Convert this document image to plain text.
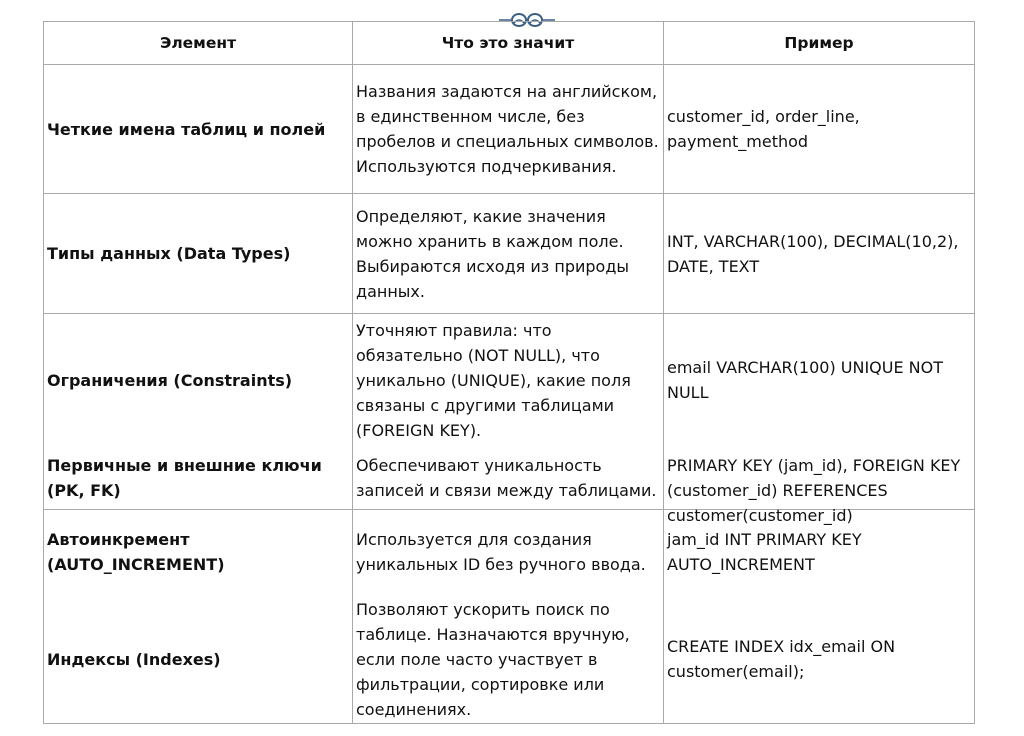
Элемент	Что это значит	Пример
Четкие имена таблиц и полей	Названия задаются на английском, в единственном числе, без пробелов и специальных символов. Используются подчеркивания.	customer_id, order_line, payment_method
Типы данных (Data Types)	Определяют, какие значения можно хранить в каждом поле. Выбираются исходя из природы данных.	INT, VARCHAR(100), DECIMAL(10,2), DATE, TEXT
Ограничения (Constraints)	Уточняют правила: что обязательно (NOT NULL), что уникально (UNIQUE), какие поля связаны с другими таблицами (FOREIGN KEY).	email VARCHAR(100) UNIQUE NOT NULL
Первичные и внешние ключи (PK, FK)	Обеспечивают уникальность записей и связи между таблицами.	PRIMARY KEY (jam_id), FOREIGN KEY (customer_id) REFERENCES customer(customer_id)

Автоинкремент (AUTO_INCREMENT)	Используется для создания уникальных ID без ручного ввода.	jam_id INT PRIMARY KEY AUTO_INCREMENT
Индексы (Indexes)	Позволяют ускорить поиск по таблице. Назначаются вручную, если поле часто участвует в фильтрации, сортировке или соединениях.	CREATE INDEX idx_email ON customer(email);
